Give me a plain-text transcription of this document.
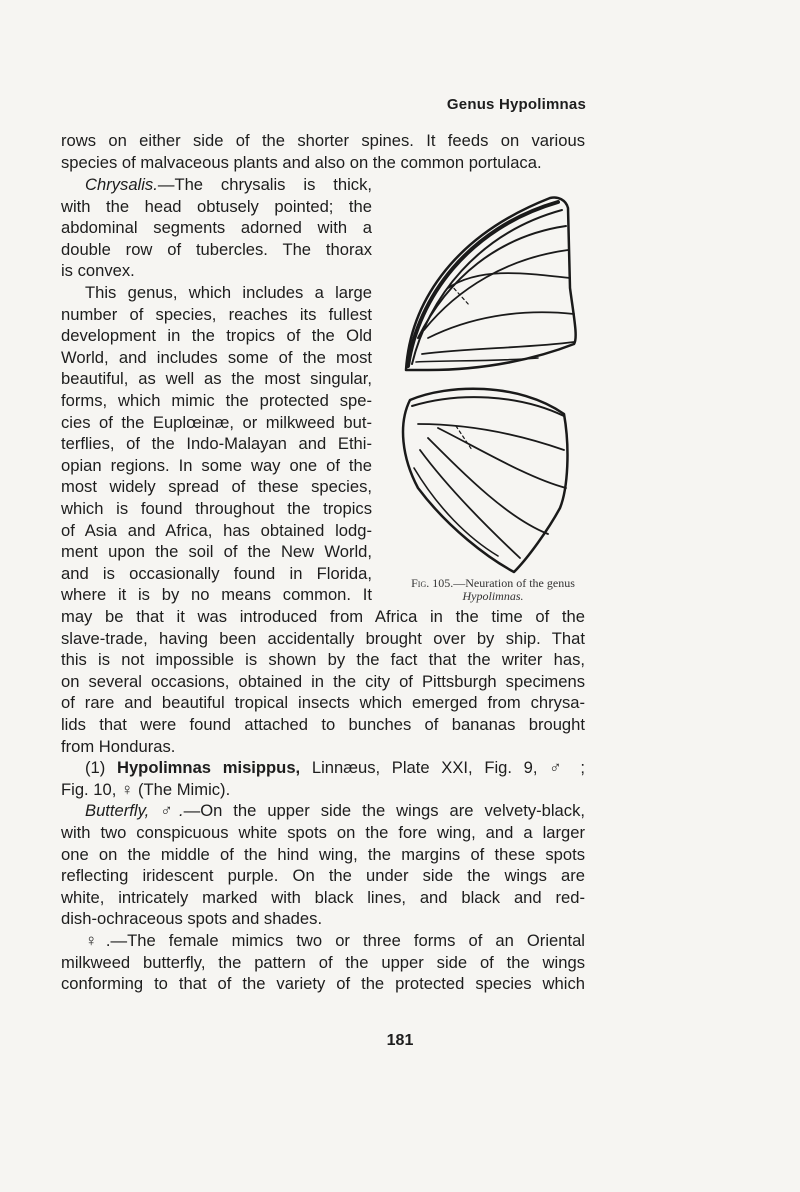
Genus Hypolimnas
rows on either side of the shorter spines. It feeds on various
species of malvaceous plants and also on the common portulaca.
Chrysalis.—The chrysalis is thick,
with the head obtusely pointed; the
abdominal segments adorned with a
double row of tubercles. The thorax
is convex.
This genus, which includes a large
number of species, reaches its fullest
development in the tropics of the Old
World, and includes some of the most
beautiful, as well as the most singular,
forms, which mimic the protected spe-
cies of the Euplœinæ, or milkweed but-
terflies, of the Indo-Malayan and Ethi-
opian regions. In some way one of the
most widely spread of these species,
which is found throughout the tropics
of Asia and Africa, has obtained lodg-
ment upon the soil of the New World,
and is occasionally found in Florida,
where it is by no means common. It
may be that it was introduced from Africa in the time of the
slave-trade, having been accidentally brought over by ship. That
this is not impossible is shown by the fact that the writer has,
on several occasions, obtained in the city of Pittsburgh specimens
of rare and beautiful tropical insects which emerged from chrysa-
lids that were found attached to bunches of bananas brought
from Honduras.
(1) Hypolimnas misippus, Linnæus, Plate XXI, Fig. 9, ♂ ;
Fig. 10, ♀ (The Mimic).
Butterfly, ♂.—On the upper side the wings are velvety-black,
with two conspicuous white spots on the fore wing, and a larger
one on the middle of the hind wing, the margins of these spots
reflecting iridescent purple. On the under side the wings are
white, intricately marked with black lines, and black and red-
dish-ochraceous spots and shades.
♀.—The female mimics two or three forms of an Oriental
milkweed butterfly, the pattern of the upper side of the wings
conforming to that of the variety of the protected species which
Fig. 105.—Neuration of the genus Hypolimnas.
181
